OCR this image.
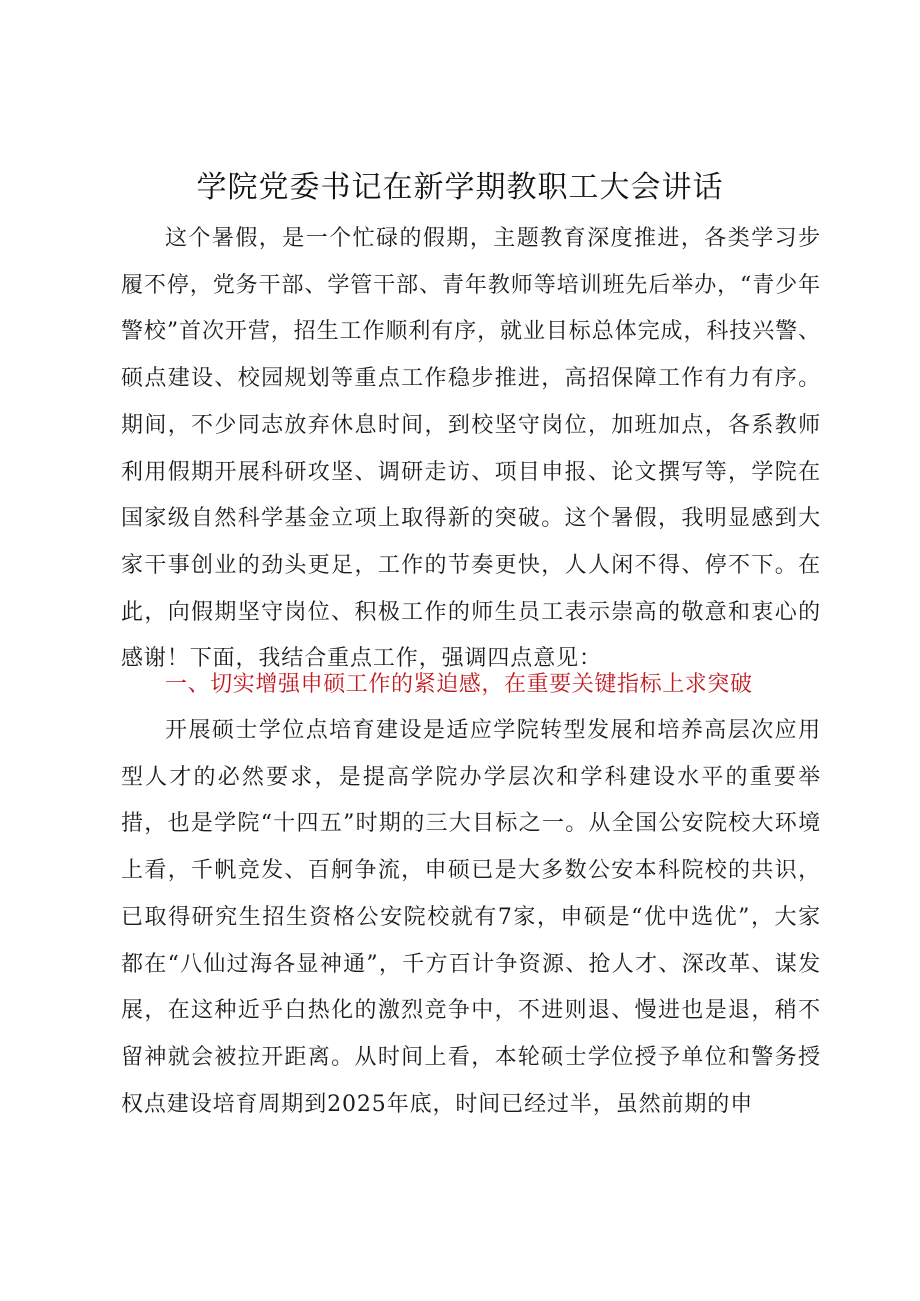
学院党委书记在新学期教职工大会讲话

这个暑假，是一个忙碌的假期，主题教育深度推进，各类学习步履不停，党务干部、学管干部、青年教师等培训班先后举办，“青少年警校”首次开营，招生工作顺利有序，就业目标总体完成，科技兴警、硕点建设、校园规划等重点工作稳步推进，高招保障工作有力有序。期间，不少同志放弃休息时间，到校坚守岗位，加班加点，各系教师利用假期开展科研攻坚、调研走访、项目申报、论文撰写等，学院在国家级自然科学基金立项上取得新的突破。这个暑假，我明显感到大家干事创业的劲头更足，工作的节奏更快，人人闲不得、停不下。在此，向假期坚守岗位、积极工作的师生员工表示崇高的敬意和衷心的感谢！下面，我结合重点工作，强调四点意见：

一、切实增强申硕工作的紧迫感，在重要关键指标上求突破

开展硕士学位点培育建设是适应学院转型发展和培养高层次应用型人才的必然要求，是提高学院办学层次和学科建设水平的重要举措，也是学院“十四五”时期的三大目标之一。从全国公安院校大环境上看，千帆竞发、百舸争流，申硕已是大多数公安本科院校的共识，已取得研究生招生资格公安院校就有7家，申硕是“优中选优”，大家都在“八仙过海各显神通”，千方百计争资源、抢人才、深改革、谋发展，在这种近乎白热化的激烈竞争中，不进则退、慢进也是退，稍不留神就会被拉开距离。从时间上看，本轮硕士学位授予单位和警务授权点建设培育周期到2025年底，时间已经过半，虽然前期的申
